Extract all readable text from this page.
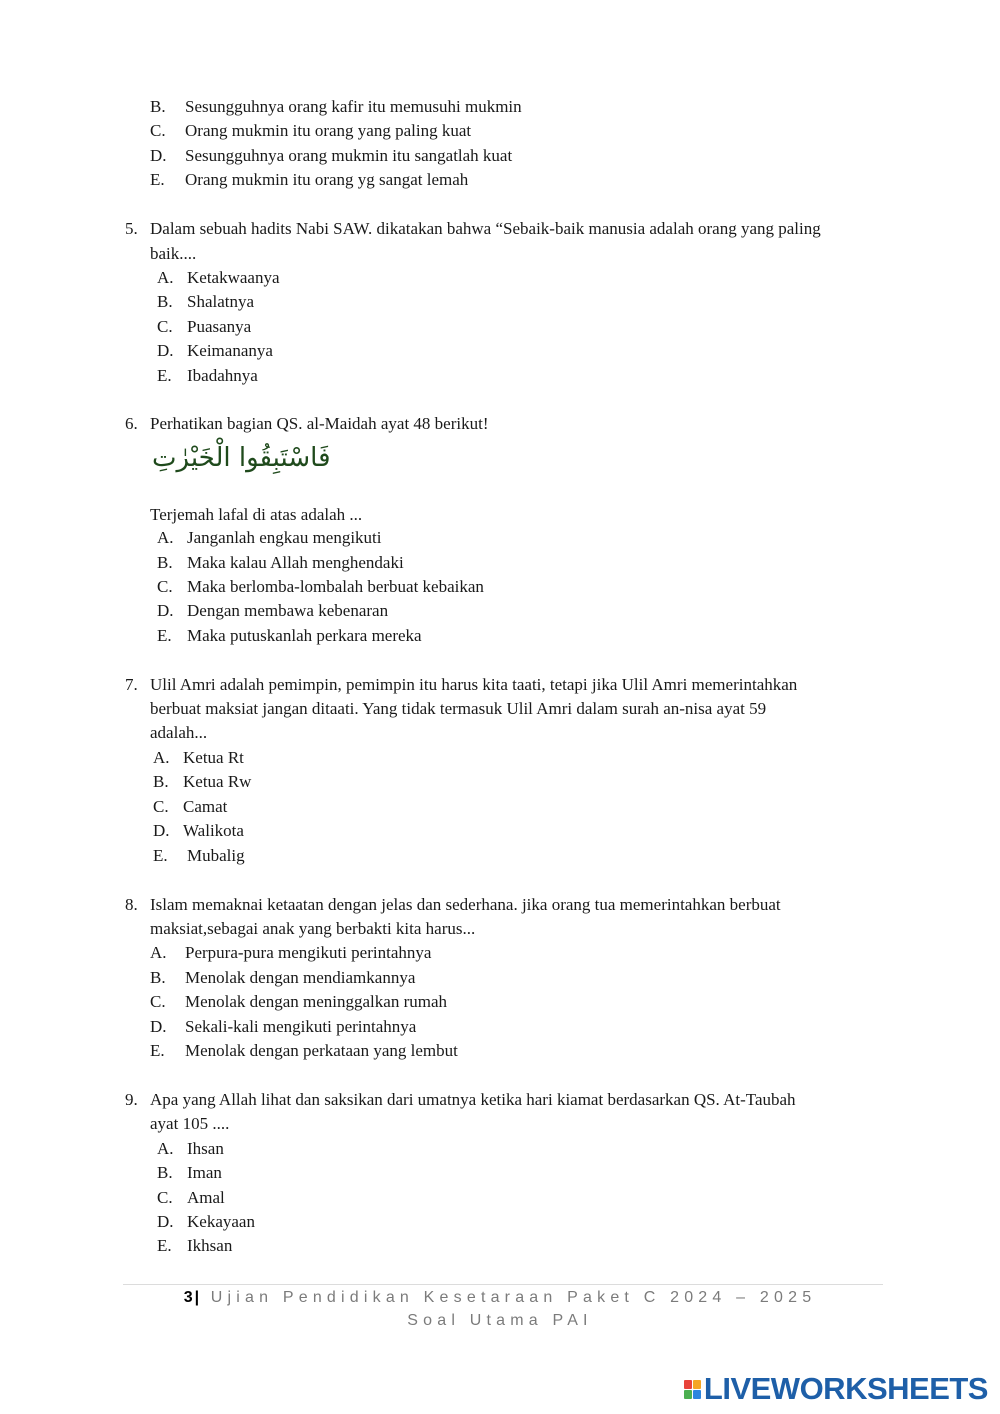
B. Sesungguhnya orang kafir itu memusuhi mukmin
C. Orang mukmin itu orang yang paling kuat
D. Sesungguhnya orang mukmin itu sangatlah kuat
E. Orang mukmin itu orang yg sangat lemah
5. Dalam sebuah hadits Nabi SAW. dikatakan bahwa “Sebaik-baik manusia adalah orang yang paling
baik....
A. Ketakwaanya
B. Shalatnya
C. Puasanya
D. Keimananya
E. Ibadahnya
6. Perhatikan bagian QS. al-Maidah ayat 48 berikut!
فَاسْتَبِقُوا الْخَيْرٰتِ
Terjemah lafal di atas adalah ...
A. Janganlah engkau mengikuti
B. Maka kalau Allah menghendaki
C. Maka berlomba-lombalah berbuat kebaikan
D. Dengan membawa kebenaran
E. Maka putuskanlah perkara mereka
7. Ulil Amri adalah pemimpin, pemimpin itu harus kita taati, tetapi jika Ulil Amri memerintahkan
berbuat maksiat jangan ditaati. Yang tidak termasuk Ulil Amri dalam surah an-nisa ayat 59
adalah...
A. Ketua Rt
B. Ketua Rw
C. Camat
D. Walikota
E. Mubalig
8. Islam memaknai ketaatan dengan jelas dan sederhana. jika orang tua memerintahkan berbuat
maksiat,sebagai anak yang berbakti kita harus...
A. Perpura-pura mengikuti perintahnya
B. Menolak dengan mendiamkannya
C. Menolak dengan meninggalkan rumah
D. Sekali-kali mengikuti perintahnya
E. Menolak dengan perkataan yang lembut
9. Apa yang Allah lihat dan saksikan dari umatnya ketika hari kiamat berdasarkan QS. At-Taubah
ayat 105 ....
A. Ihsan
B. Iman
C. Amal
D. Kekayaan
E. Ikhsan
3| Ujian Pendidikan Kesetaraan Paket C 2024 – 2025
Soal Utama PAI
LIVEWORKSHEETS
